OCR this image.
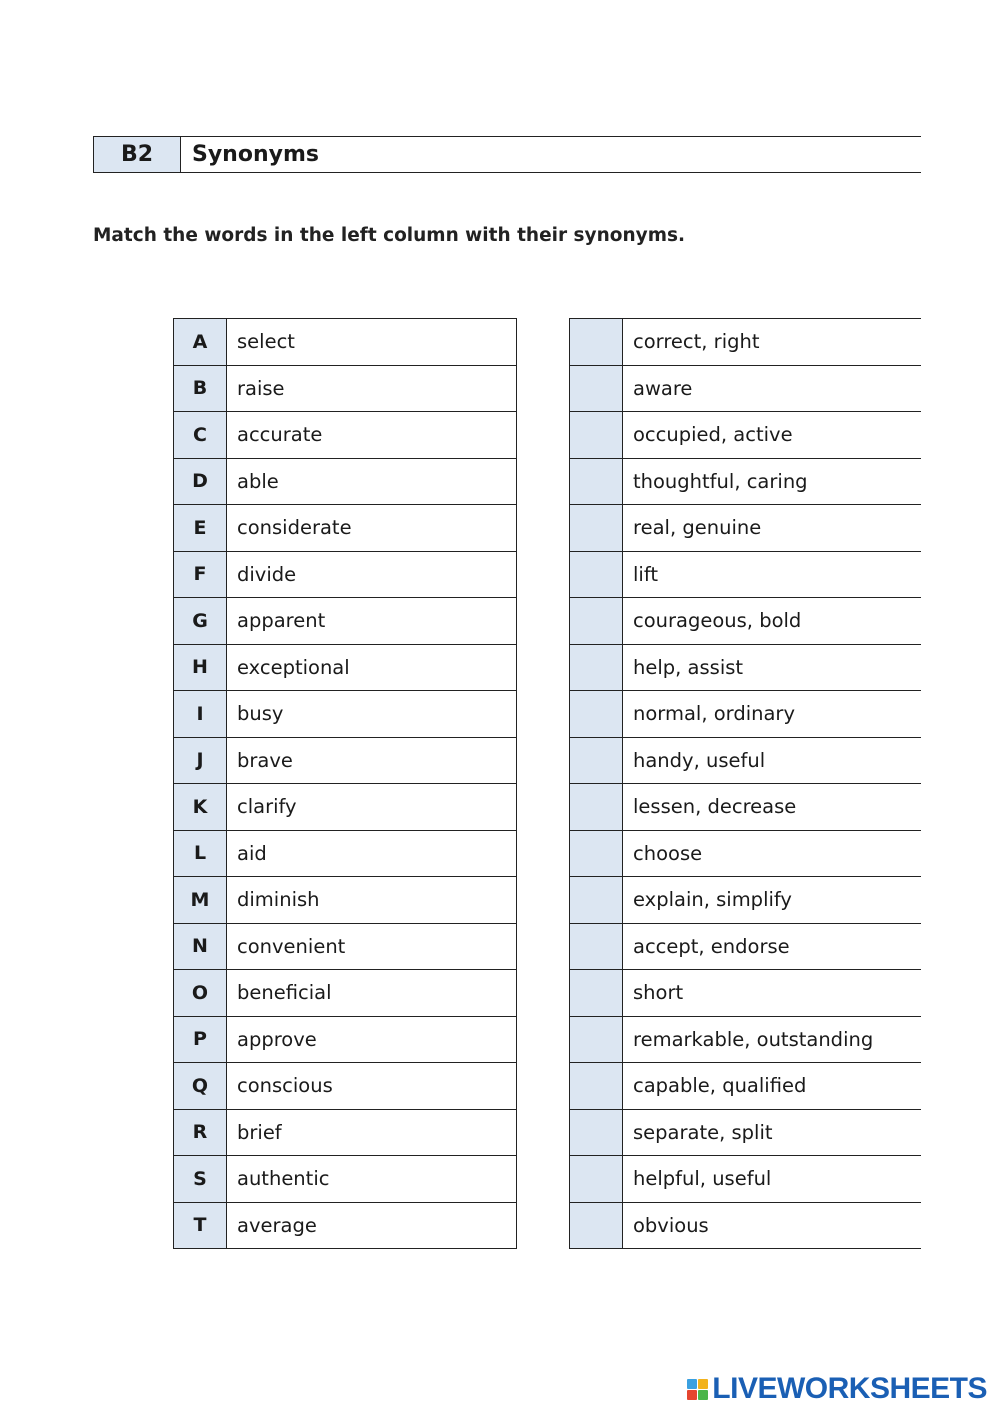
B2	Synonyms
Match the words in the left column with their synonyms.
A	select
B	raise
C	accurate
D	able
E	considerate
F	divide
G	apparent
H	exceptional
I	busy
J	brave
K	clarify
L	aid
M	diminish
N	convenient
O	beneficial
P	approve
Q	conscious
R	brief
S	authentic
T	average
	correct, right
	aware
	occupied, active
	thoughtful, caring
	real, genuine
	lift
	courageous, bold
	help, assist
	normal, ordinary
	handy, useful
	lessen, decrease
	choose
	explain, simplify
	accept, endorse
	short
	remarkable, outstanding
	capable, qualified
	separate, split
	helpful, useful
	obvious
LIVEWORKSHEETS
